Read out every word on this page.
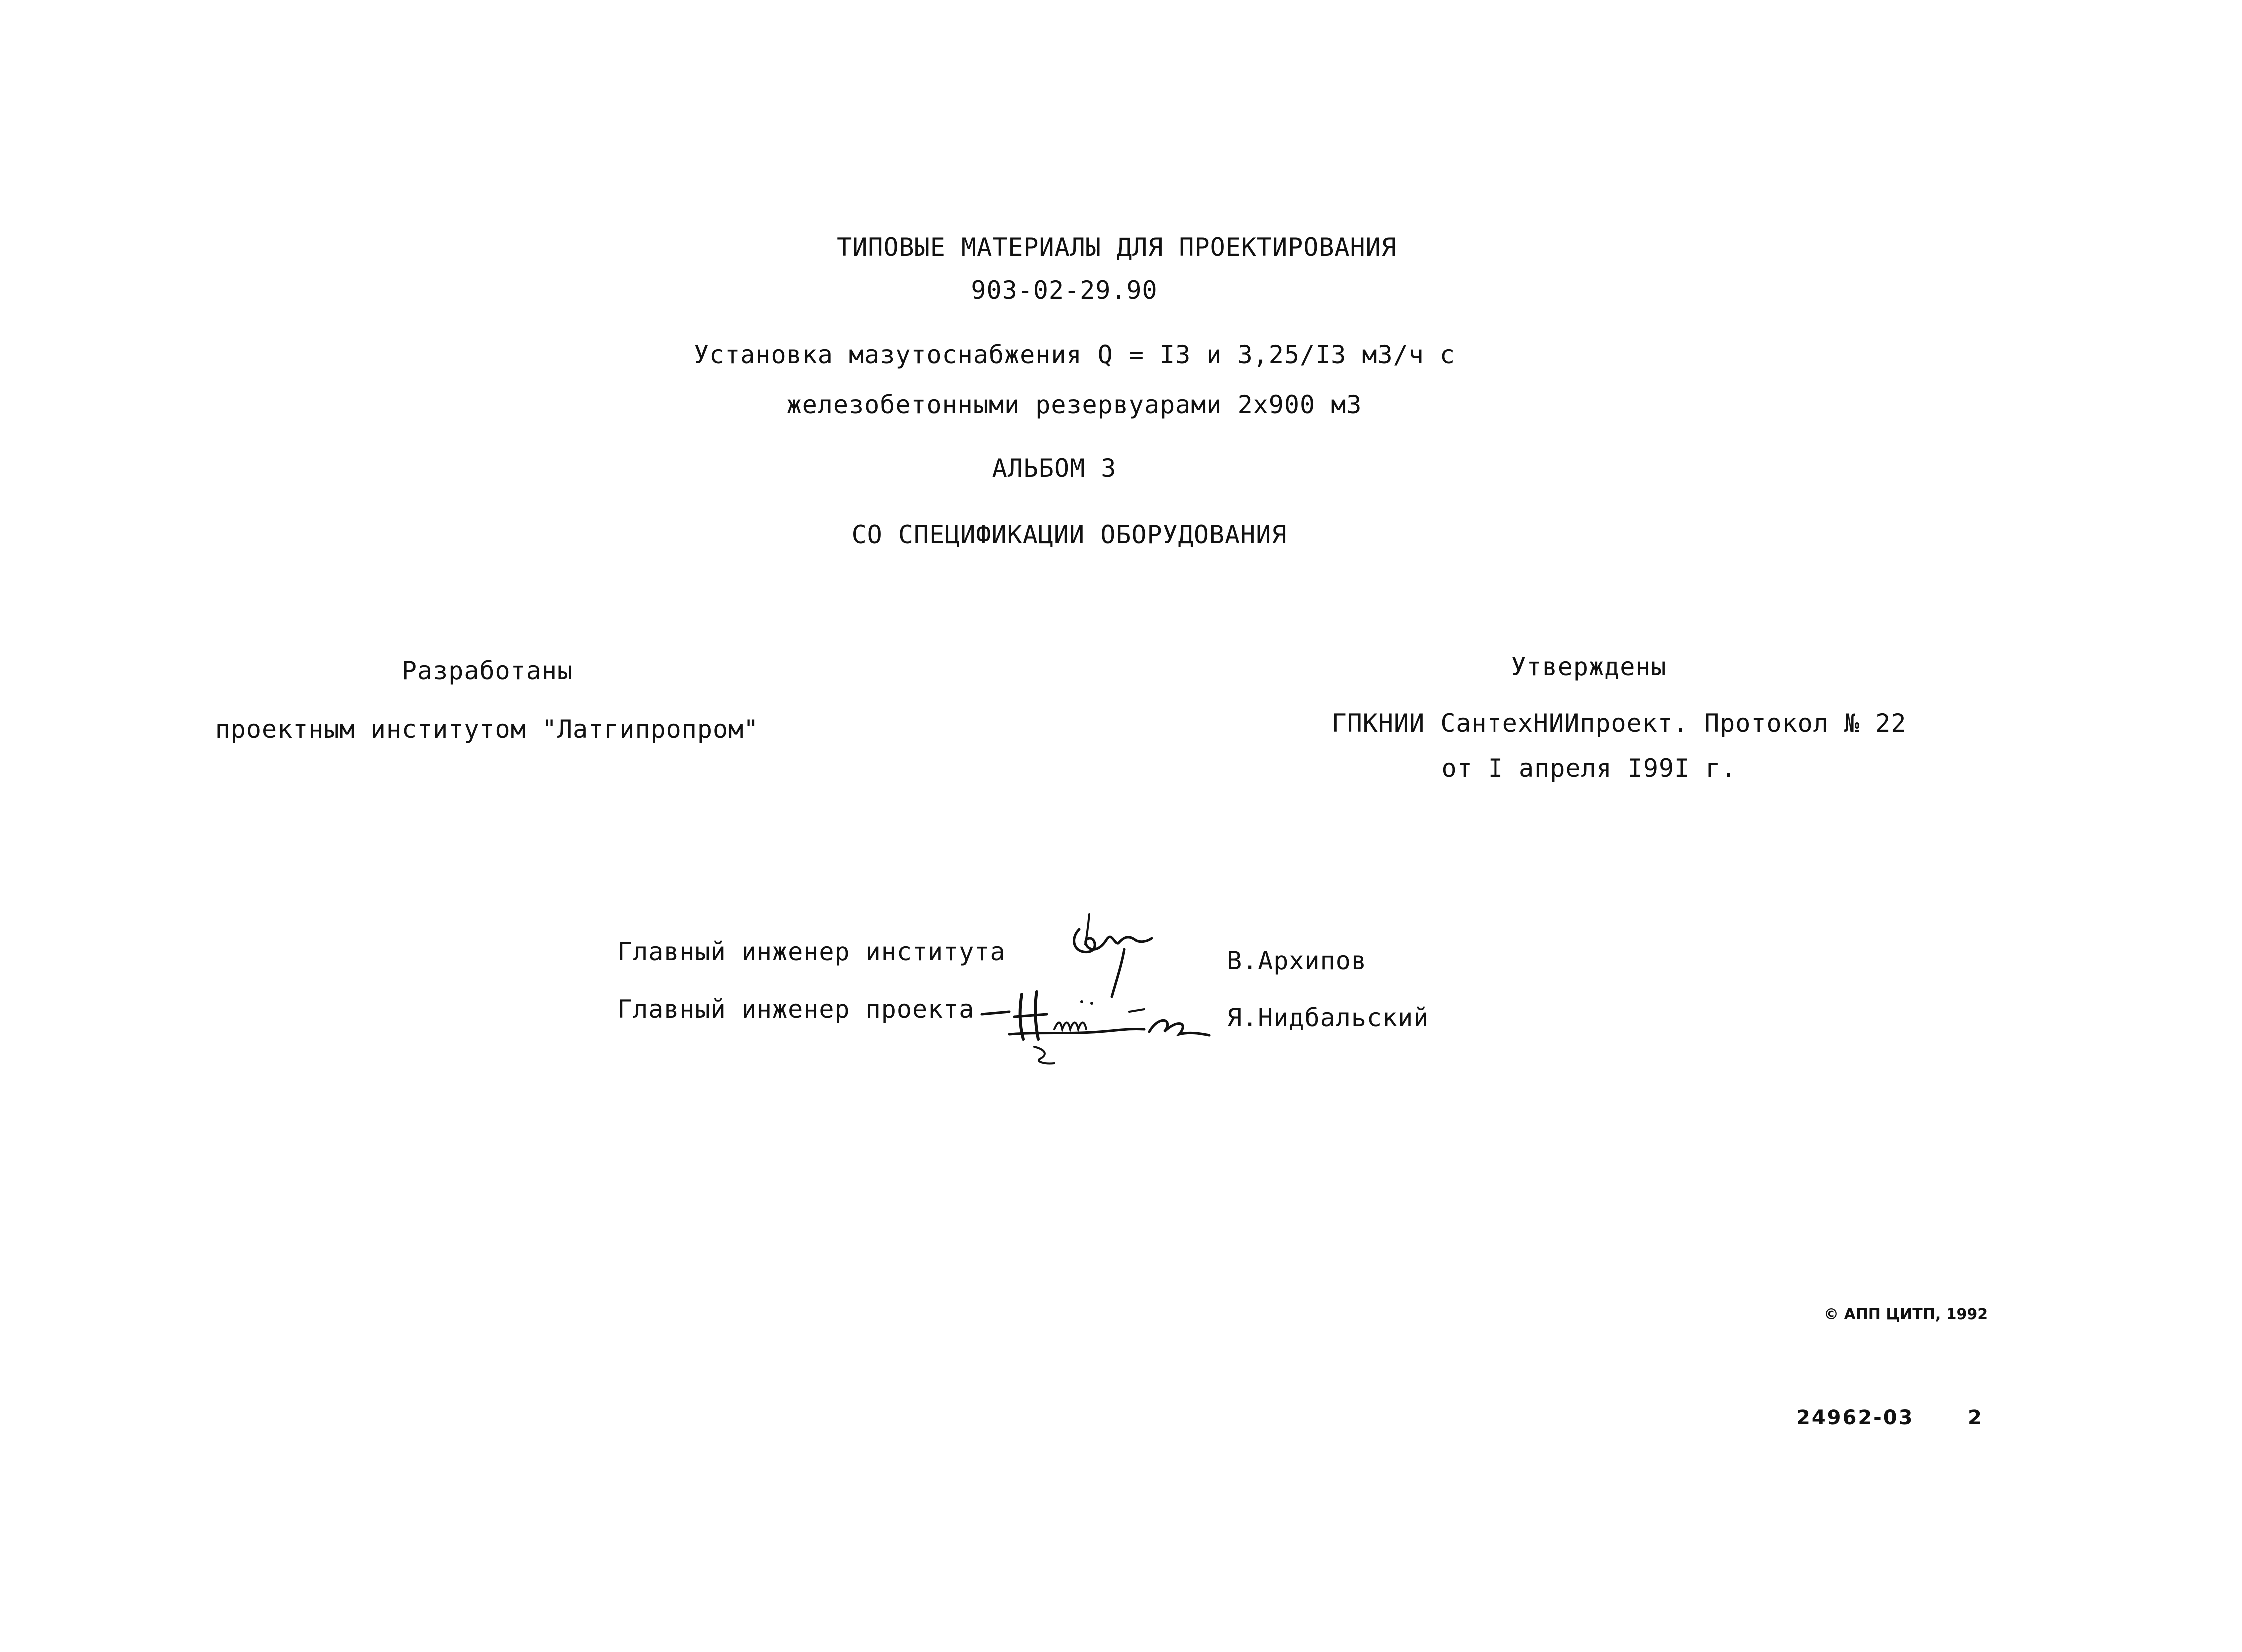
ТИПОВЫЕ МАТЕРИАЛЫ ДЛЯ ПРОЕКТИРОВАНИЯ
903-02-29.90
Установка мазутоснабжения Q = I3 и 3,25/I3 м3/ч с
железобетонными резервуарами 2х900 м3
АЛЬБОМ 3
СО СПЕЦИФИКАЦИИ ОБОРУДОВАНИЯ
Разработаны
проектным институтом "Латгипропром"
Утверждены
ГПКНИИ СантехНИИпроект. Протокол № 22
от I апреля I99I г.
Главный инженер института	В.Архипов
Главный инженер проекта	Я.Нидбальский
© АПП ЦИТП, 1992
24962-03	2
